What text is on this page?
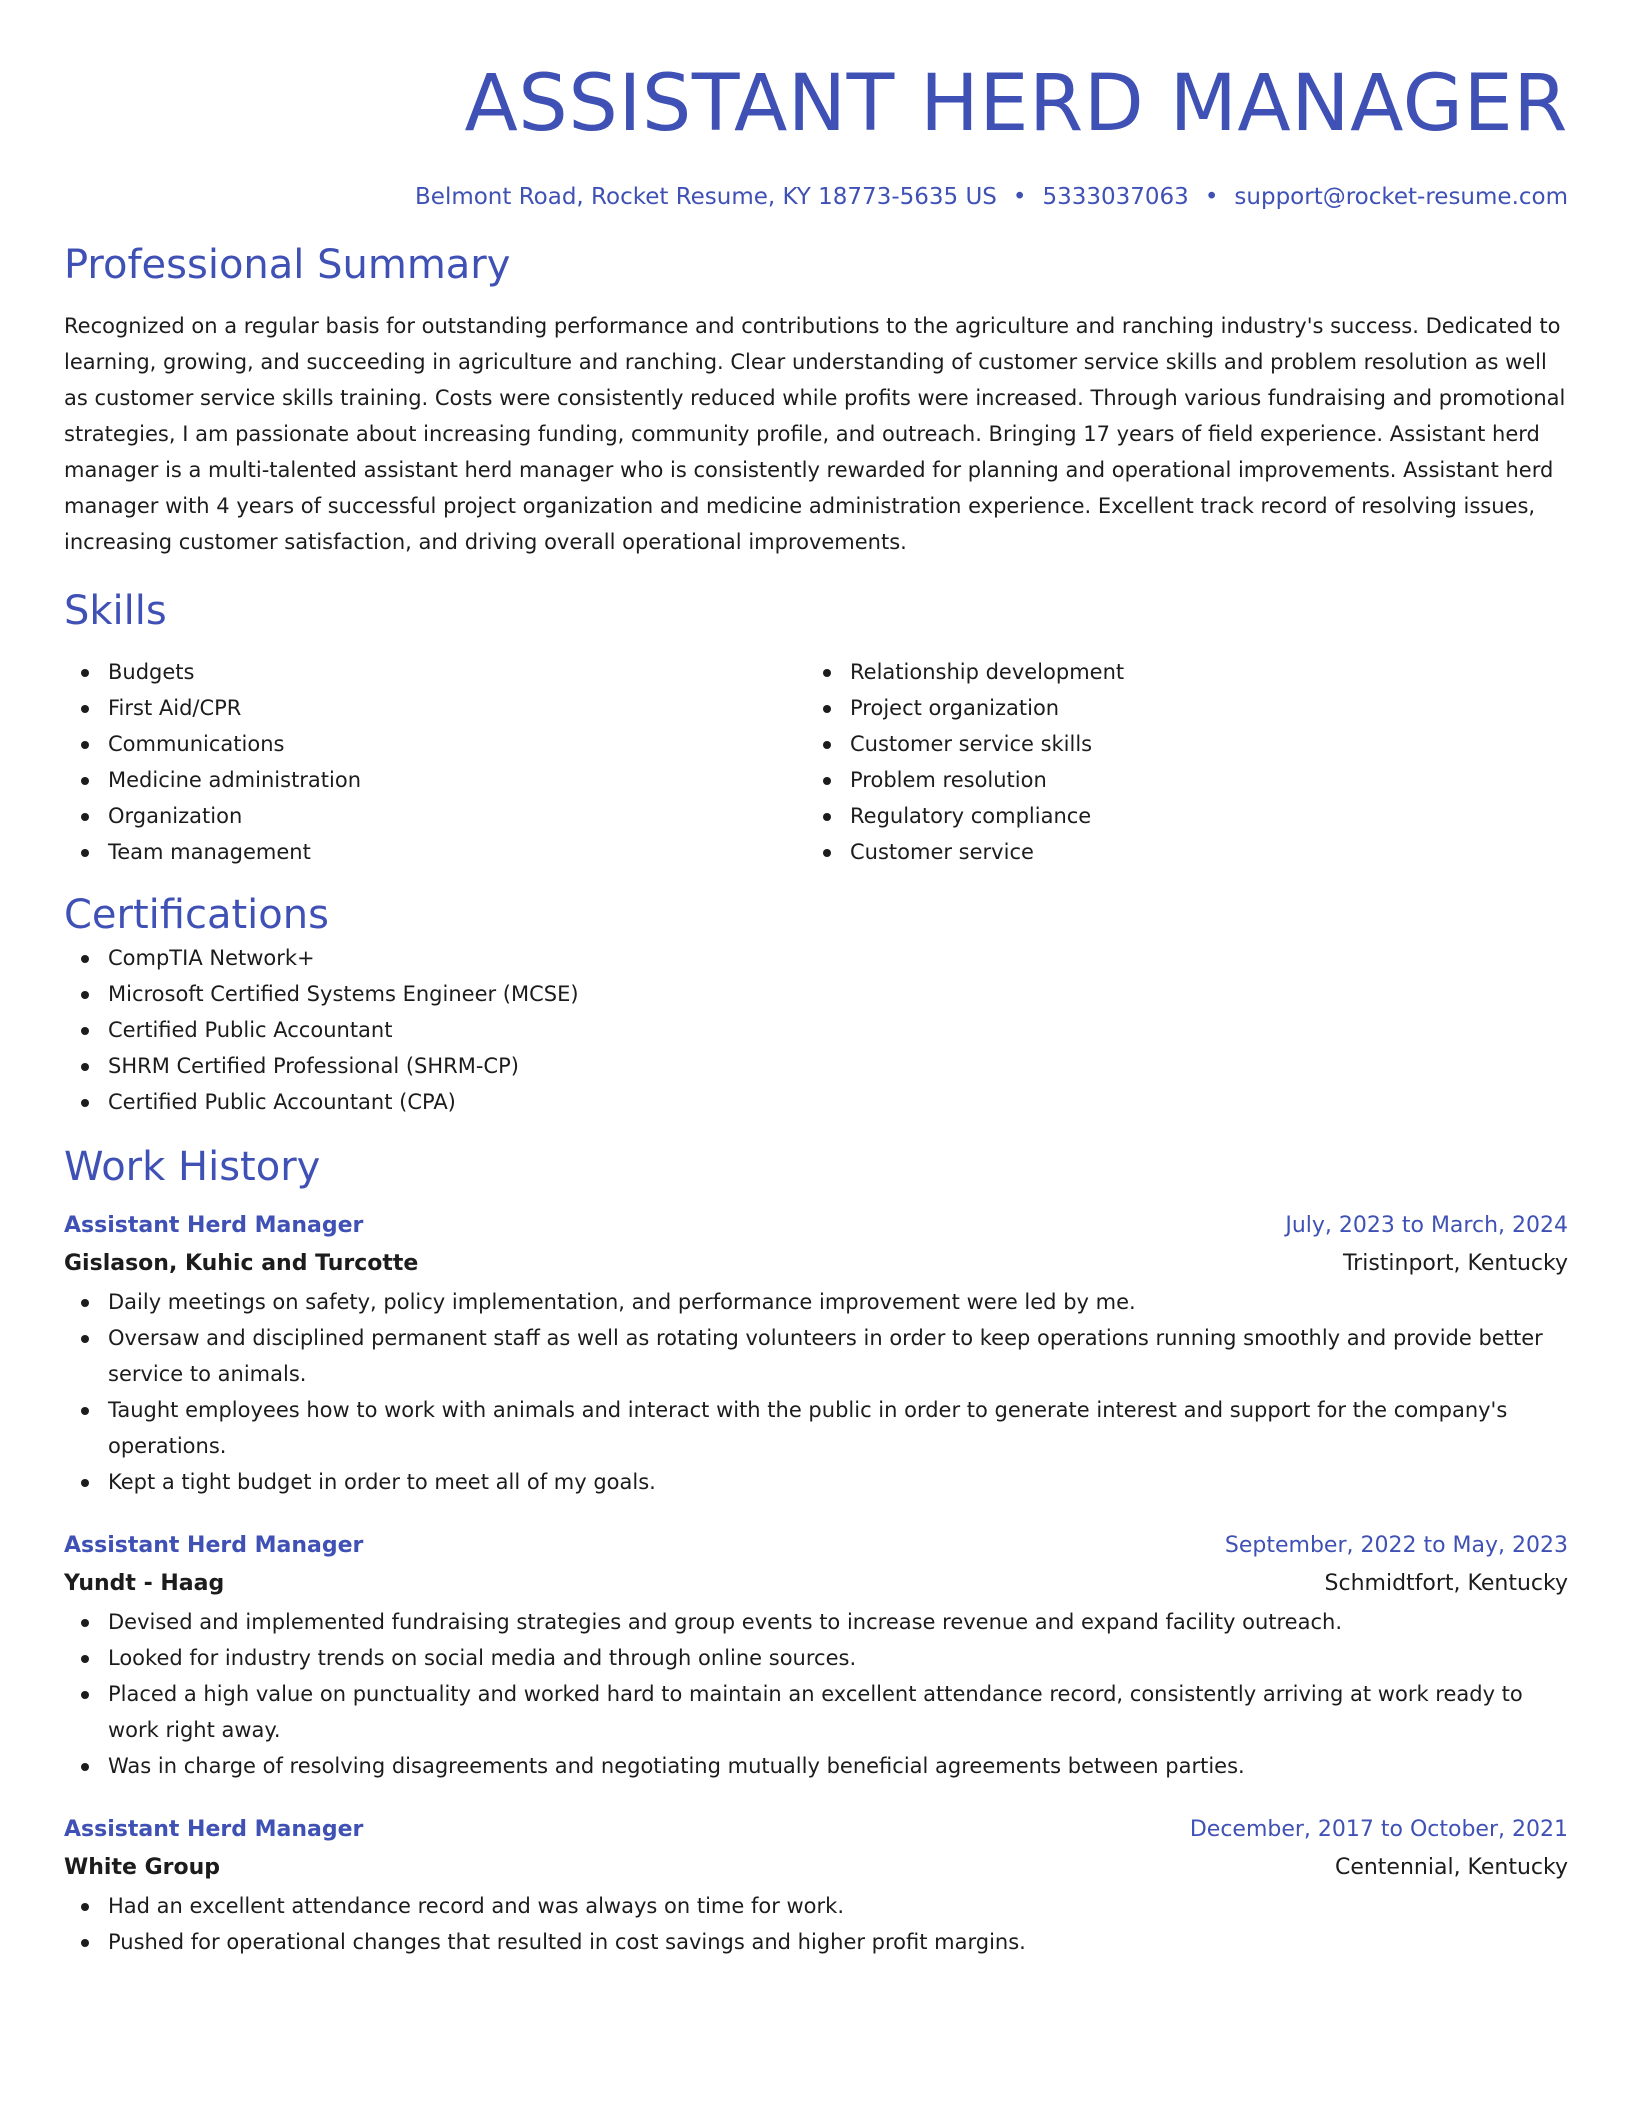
ASSISTANT HERD MANAGER
Belmont Road, Rocket Resume, KY 18773-5635 US • 5333037063 • support@rocket-resume.com
Professional Summary

Recognized on a regular basis for outstanding performance and contributions to the agriculture and ranching industry's success. Dedicated to learning, growing, and succeeding in agriculture and ranching. Clear understanding of customer service skills and problem resolution as well as customer service skills training. Costs were consistently reduced while profits were increased. Through various fundraising and promotional strategies, I am passionate about increasing funding, community profile, and outreach. Bringing 17 years of field experience. Assistant herd manager is a multi-talented assistant herd manager who is consistently rewarded for planning and operational improvements. Assistant herd manager with 4 years of successful project organization and medicine administration experience. Excellent track record of resolving issues, increasing customer satisfaction, and driving overall operational improvements.

Skills
Budgets
First Aid/CPR
Communications
Medicine administration
Organization
Team management
Relationship development
Project organization
Customer service skills
Problem resolution
Regulatory compliance
Customer service
Certifications
CompTIA Network+
Microsoft Certified Systems Engineer (MCSE)
Certified Public Accountant
SHRM Certified Professional (SHRM-CP)
Certified Public Accountant (CPA)
Work History
Assistant Herd Manager	July, 2023 to March, 2024
Gislason, Kuhic and Turcotte	Tristinport, Kentucky
Daily meetings on safety, policy implementation, and performance improvement were led by me.
Oversaw and disciplined permanent staff as well as rotating volunteers in order to keep operations running smoothly and provide better service to animals.
Taught employees how to work with animals and interact with the public in order to generate interest and support for the company's operations.
Kept a tight budget in order to meet all of my goals.
Assistant Herd Manager	September, 2022 to May, 2023
Yundt - Haag	Schmidtfort, Kentucky
Devised and implemented fundraising strategies and group events to increase revenue and expand facility outreach.
Looked for industry trends on social media and through online sources.
Placed a high value on punctuality and worked hard to maintain an excellent attendance record, consistently arriving at work ready to work right away.
Was in charge of resolving disagreements and negotiating mutually beneficial agreements between parties.
Assistant Herd Manager	December, 2017 to October, 2021
White Group	Centennial, Kentucky
Had an excellent attendance record and was always on time for work.
Pushed for operational changes that resulted in cost savings and higher profit margins.
